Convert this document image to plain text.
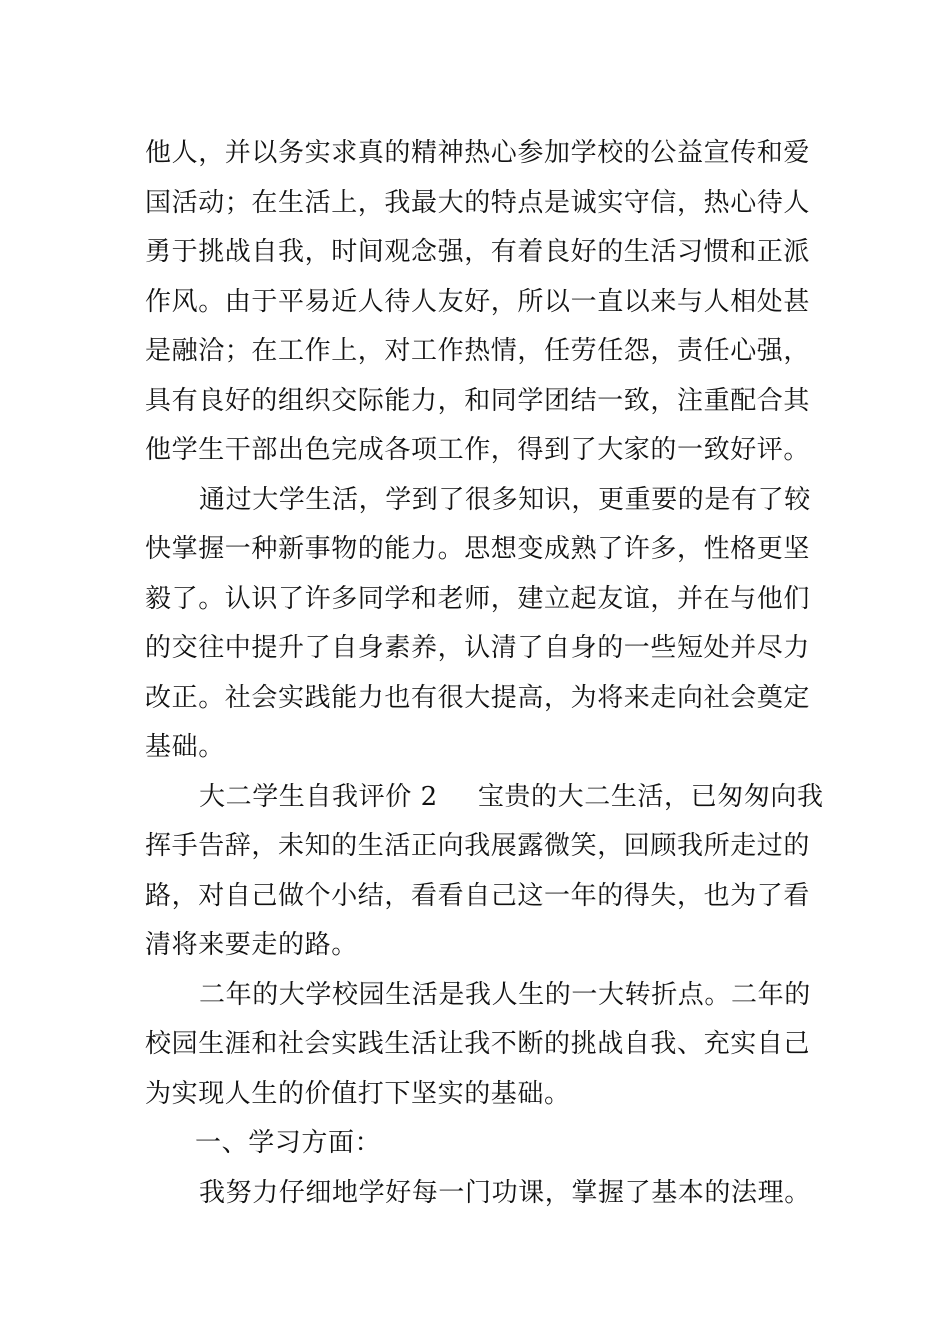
他人，并以务实求真的精神热心参加学校的公益宣传和爱
国活动；在生活上，我最大的特点是诚实守信，热心待人
勇于挑战自我，时间观念强，有着良好的生活习惯和正派
作风。由于平易近人待人友好，所以一直以来与人相处甚
是融洽；在工作上，对工作热情，任劳任怨，责任心强，
具有良好的组织交际能力，和同学团结一致，注重配合其
他学生干部出色完成各项工作，得到了大家的一致好评。
通过大学生活，学到了很多知识，更重要的是有了较
快掌握一种新事物的能力。思想变成熟了许多，性格更坚
毅了。认识了许多同学和老师，建立起友谊，并在与他们
的交往中提升了自身素养，认清了自身的一些短处并尽力
改正。社会实践能力也有很大提高，为将来走向社会奠定
基础。
大二学生自我评价 2 宝贵的大二生活，已匆匆向我
挥手告辞，未知的生活正向我展露微笑，回顾我所走过的
路，对自己做个小结，看看自己这一年的得失，也为了看
清将来要走的路。
二年的大学校园生活是我人生的一大转折点。二年的
校园生涯和社会实践生活让我不断的挑战自我、充实自己
为实现人生的价值打下坚实的基础。
一、学习方面：
我努力仔细地学好每一门功课，掌握了基本的法理。
